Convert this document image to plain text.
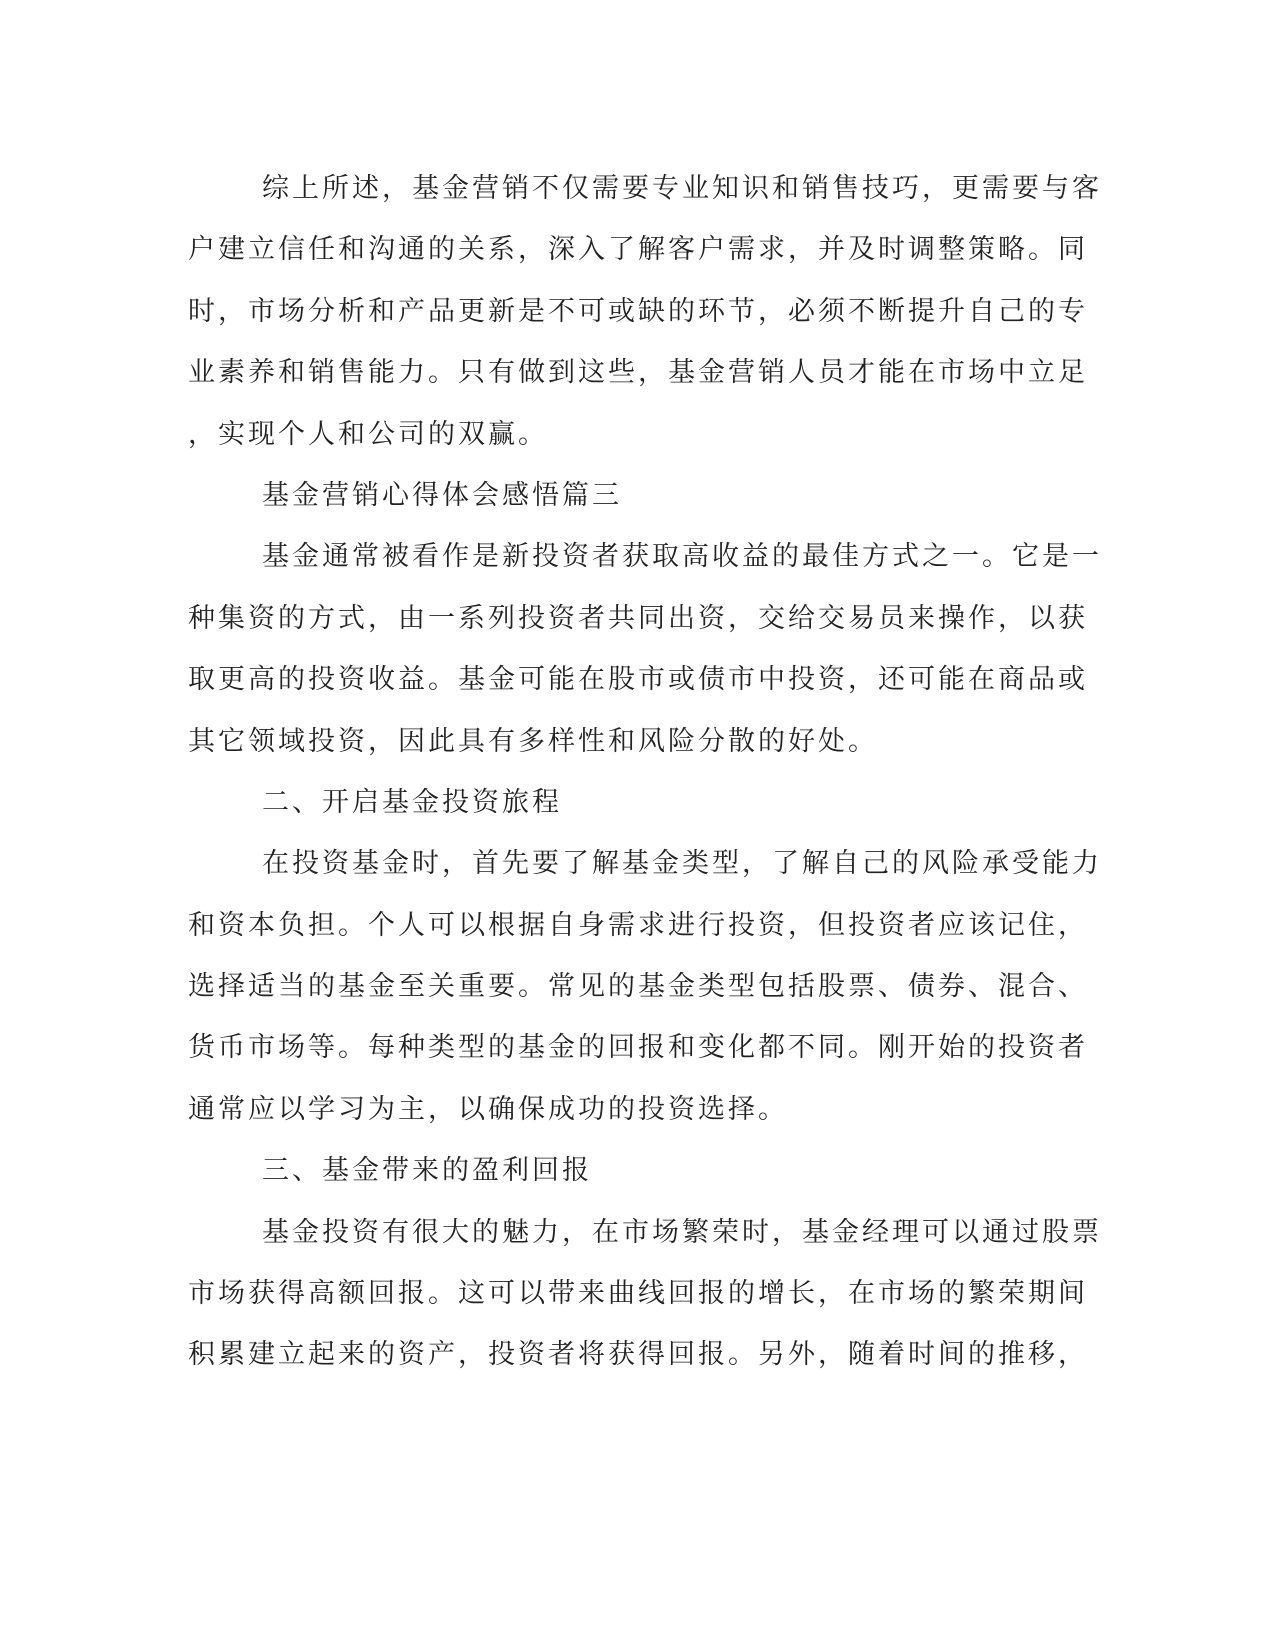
综上所述，基金营销不仅需要专业知识和销售技巧，更需要与客
户建立信任和沟通的关系，深入了解客户需求，并及时调整策略。同
时，市场分析和产品更新是不可或缺的环节，必须不断提升自己的专
业素养和销售能力。只有做到这些，基金营销人员才能在市场中立足
，实现个人和公司的双赢。
基金营销心得体会感悟篇三
基金通常被看作是新投资者获取高收益的最佳方式之一。它是一
种集资的方式，由一系列投资者共同出资，交给交易员来操作，以获
取更高的投资收益。基金可能在股市或债市中投资，还可能在商品或
其它领域投资，因此具有多样性和风险分散的好处。
二、开启基金投资旅程
在投资基金时，首先要了解基金类型，了解自己的风险承受能力
和资本负担。个人可以根据自身需求进行投资，但投资者应该记住，
选择适当的基金至关重要。常见的基金类型包括股票、债券、混合、
货币市场等。每种类型的基金的回报和变化都不同。刚开始的投资者
通常应以学习为主，以确保成功的投资选择。
三、基金带来的盈利回报
基金投资有很大的魅力，在市场繁荣时，基金经理可以通过股票
市场获得高额回报。这可以带来曲线回报的增长，在市场的繁荣期间
积累建立起来的资产，投资者将获得回报。另外，随着时间的推移，
